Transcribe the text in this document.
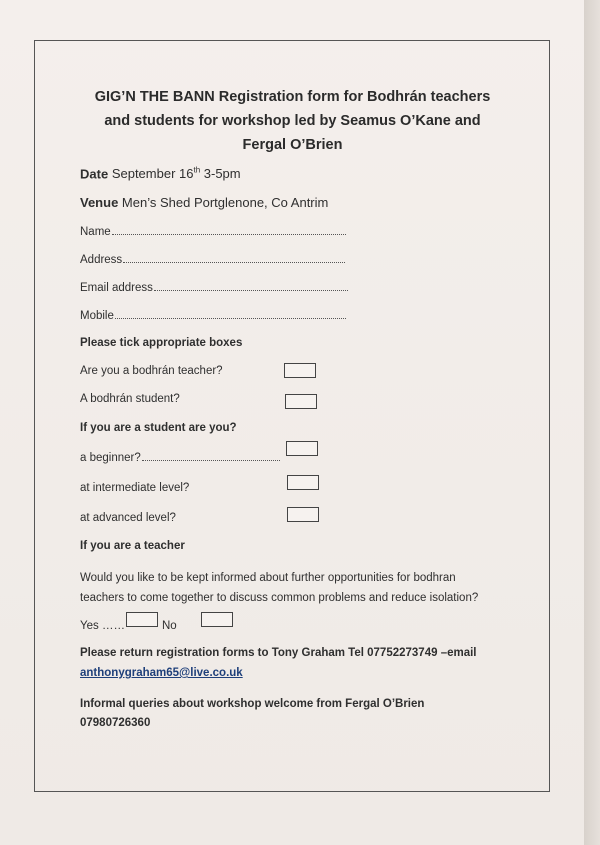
GIG’N THE BANN Registration form for Bodhrán teachers
and students for workshop led by Seamus O’Kane and
Fergal O’Brien
Date September 16th 3-5pm
Venue Men’s Shed Portglenone, Co Antrim
Name
Address
Email address
Mobile
Please tick appropriate boxes
Are you a bodhrán teacher?
A bodhrán student?
If you are a student are you?
a beginner?
at intermediate level?
at advanced level?
If you are a teacher
Would you like to be kept informed about further opportunities for bodhran
teachers to come together to discuss common problems and reduce isolation?
Yes ……	No
Please return registration forms to Tony Graham Tel 07752273749 –email
anthonygraham65@live.co.uk
Informal queries about workshop welcome from Fergal O’Brien
07980726360
